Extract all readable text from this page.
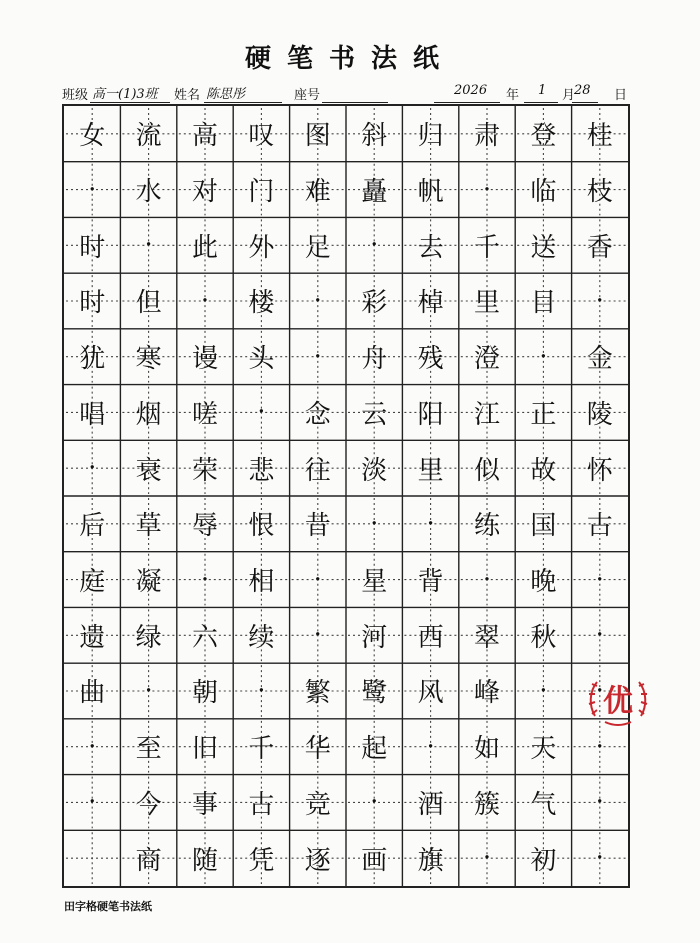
硬笔书法纸
班级 高一(1)3班 姓名 陈思彤	座号	2026 年 1 月
28 日
女
·
时
时
犹
唱
·
后
庭
遗
曲
·
·
流
水
·
但
寒
烟
衰
草
凝
绿
·
至
今
商
高
对
此
·
谩
嗟
荣
辱
·
六
朝
旧
事
随
叹
门
外
楼
头
·
悲
恨
相
续
·
千
古
凭
图
难
足
·
·
念
往
昔
·
·
繁
华
竞
逐
斜
矗
·
彩
舟
云
淡
·
星
河
鹭
起
·
画
归
帆
去
棹
残
阳
里
·
背
西
风
·
酒
旗
肃
·
千
里
澄
江
似
练
·
翠
峰
如
簇
·
登
临
送
目
·
正
故
国
晚
秋
·
天
气
初
桂
枝
香
·
金
陵
怀
古
·
·
·
·
·
·
优
田字格硬笔书法纸
